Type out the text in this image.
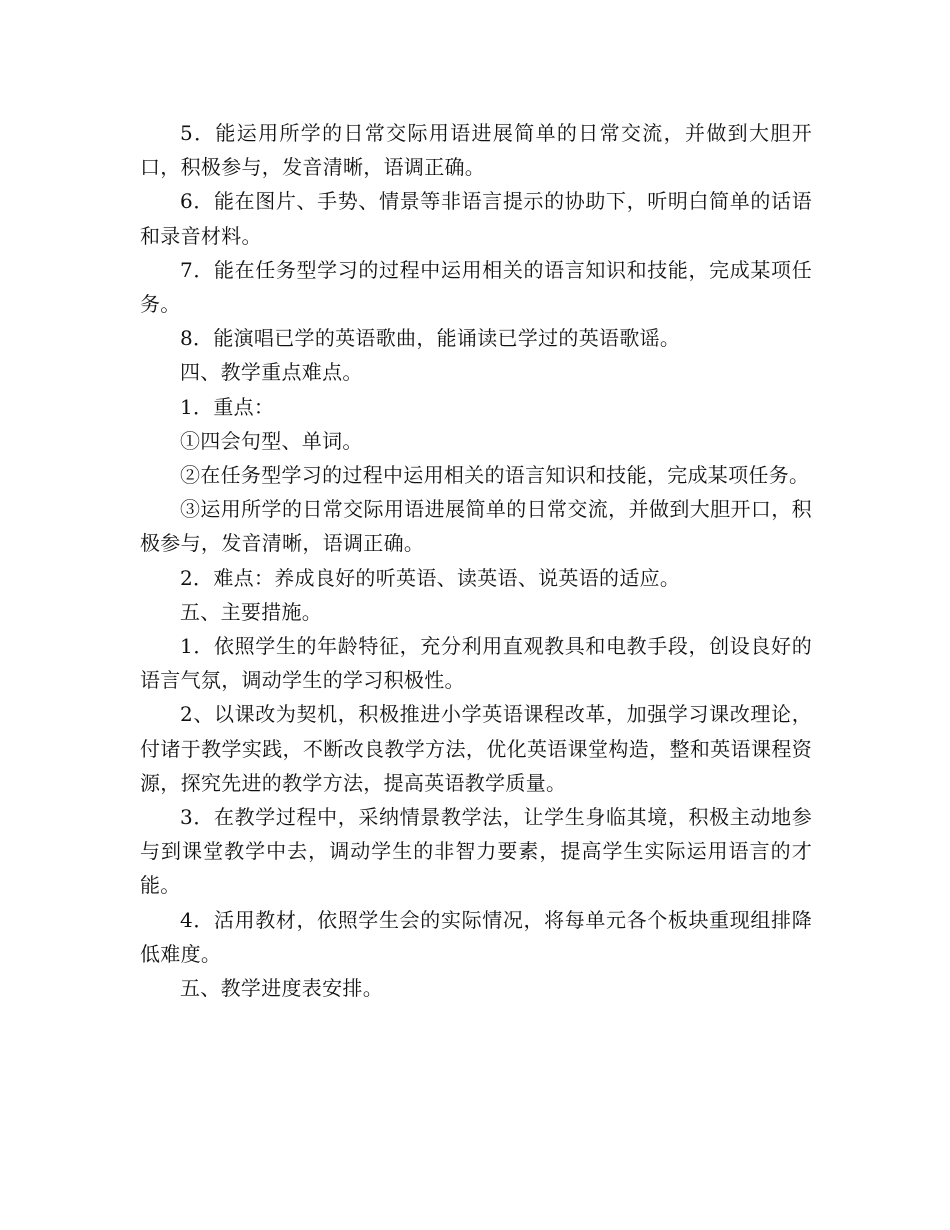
5．能运用所学的日常交际用语进展简单的日常交流，并做到大胆开口，积极参与，发音清晰，语调正确。

6．能在图片、手势、情景等非语言提示的协助下，听明白简单的话语和录音材料。

7．能在任务型学习的过程中运用相关的语言知识和技能，完成某项任务。

8．能演唱已学的英语歌曲，能诵读已学过的英语歌谣。

四、教学重点难点。

1．重点：

①四会句型、单词。

②在任务型学习的过程中运用相关的语言知识和技能，完成某项任务。

③运用所学的日常交际用语进展简单的日常交流，并做到大胆开口，积极参与，发音清晰，语调正确。

2．难点：养成良好的听英语、读英语、说英语的适应。

五、主要措施。

1．依照学生的年龄特征，充分利用直观教具和电教手段，创设良好的语言气氛，调动学生的学习积极性。

2、以课改为契机，积极推进小学英语课程改革，加强学习课改理论，付诸于教学实践，不断改良教学方法，优化英语课堂构造，整和英语课程资源，探究先进的教学方法，提高英语教学质量。

3．在教学过程中，采纳情景教学法，让学生身临其境，积极主动地参与到课堂教学中去，调动学生的非智力要素，提高学生实际运用语言的才能。

4．活用教材，依照学生会的实际情况，将每单元各个板块重现组排降低难度。

五、教学进度表安排。
